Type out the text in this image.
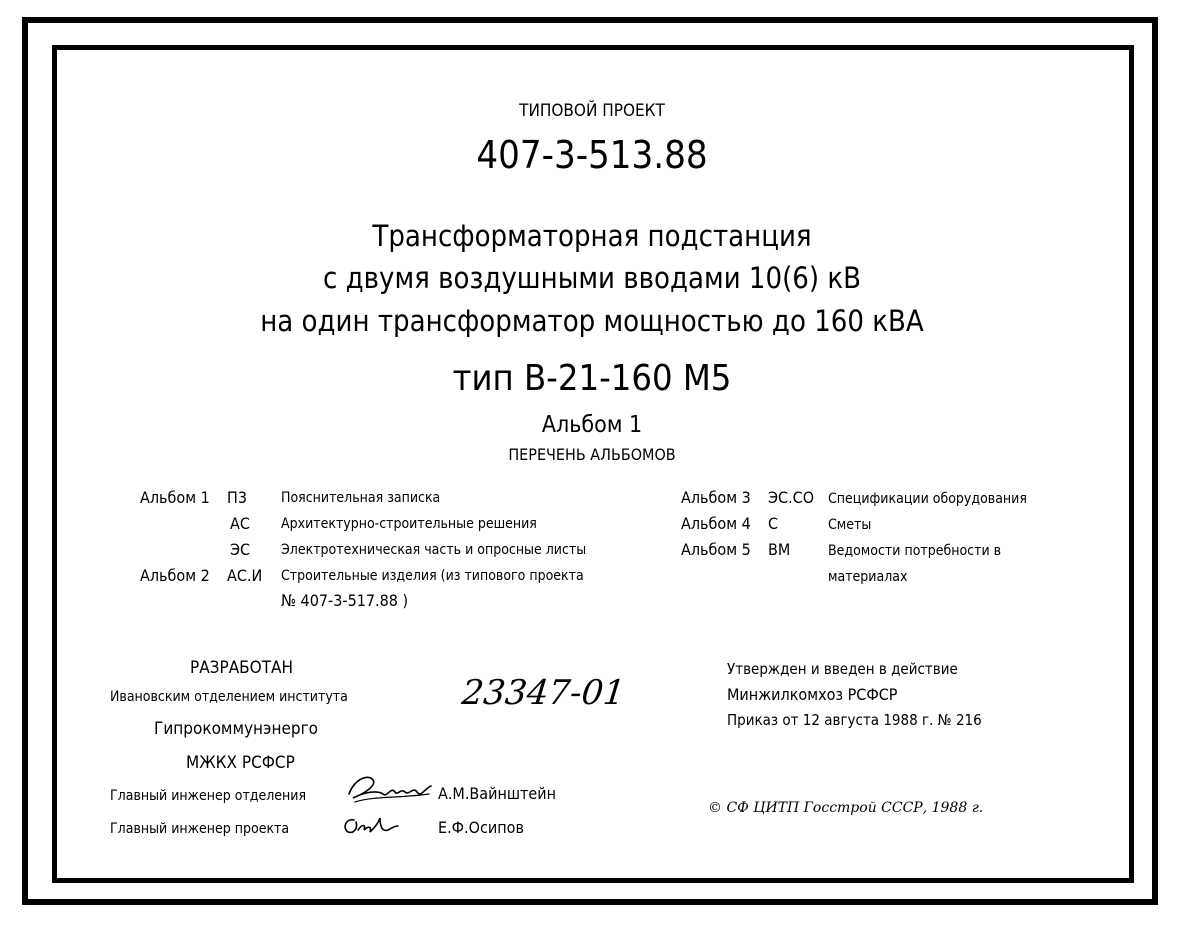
ТИПОВОЙ ПРОЕКТ
407-3-513.88
Трансформаторная подстанция
с двумя воздушными вводами 10(6) кВ
на один трансформатор мощностью до 160 кВА
тип В-21-160 М5
Альбом 1
ПЕРЕЧЕНЬ АЛЬБОМОВ
Альбом 1 П3 Пояснительная записка
АС Архитектурно-строительные решения
ЭС Электротехническая часть и опросные листы
Альбом 2 АС.И Строительные изделия (из типового проекта
№ 407-3-517.88 )
Альбом 3 ЭС.СО Спецификации оборудования
Альбом 4 С	Сметы
Альбом 5 ВМ	Ведомости потребности в
материалах
РАЗРАБОТАН
Ивановским отделением института
Гипрокоммунэнерго
МЖКХ РСФСР
Главный инженер отделения	А.М.Вайнштейн
Главный инженер проекта	Е.Ф.Осипов
23347-01
Утвержден и введен в действие
Минжилкомхоз РСФСР
Приказ от 12 августа 1988 г. № 216
© СФ ЦИТП Госстрой СССР, 1988 г.
